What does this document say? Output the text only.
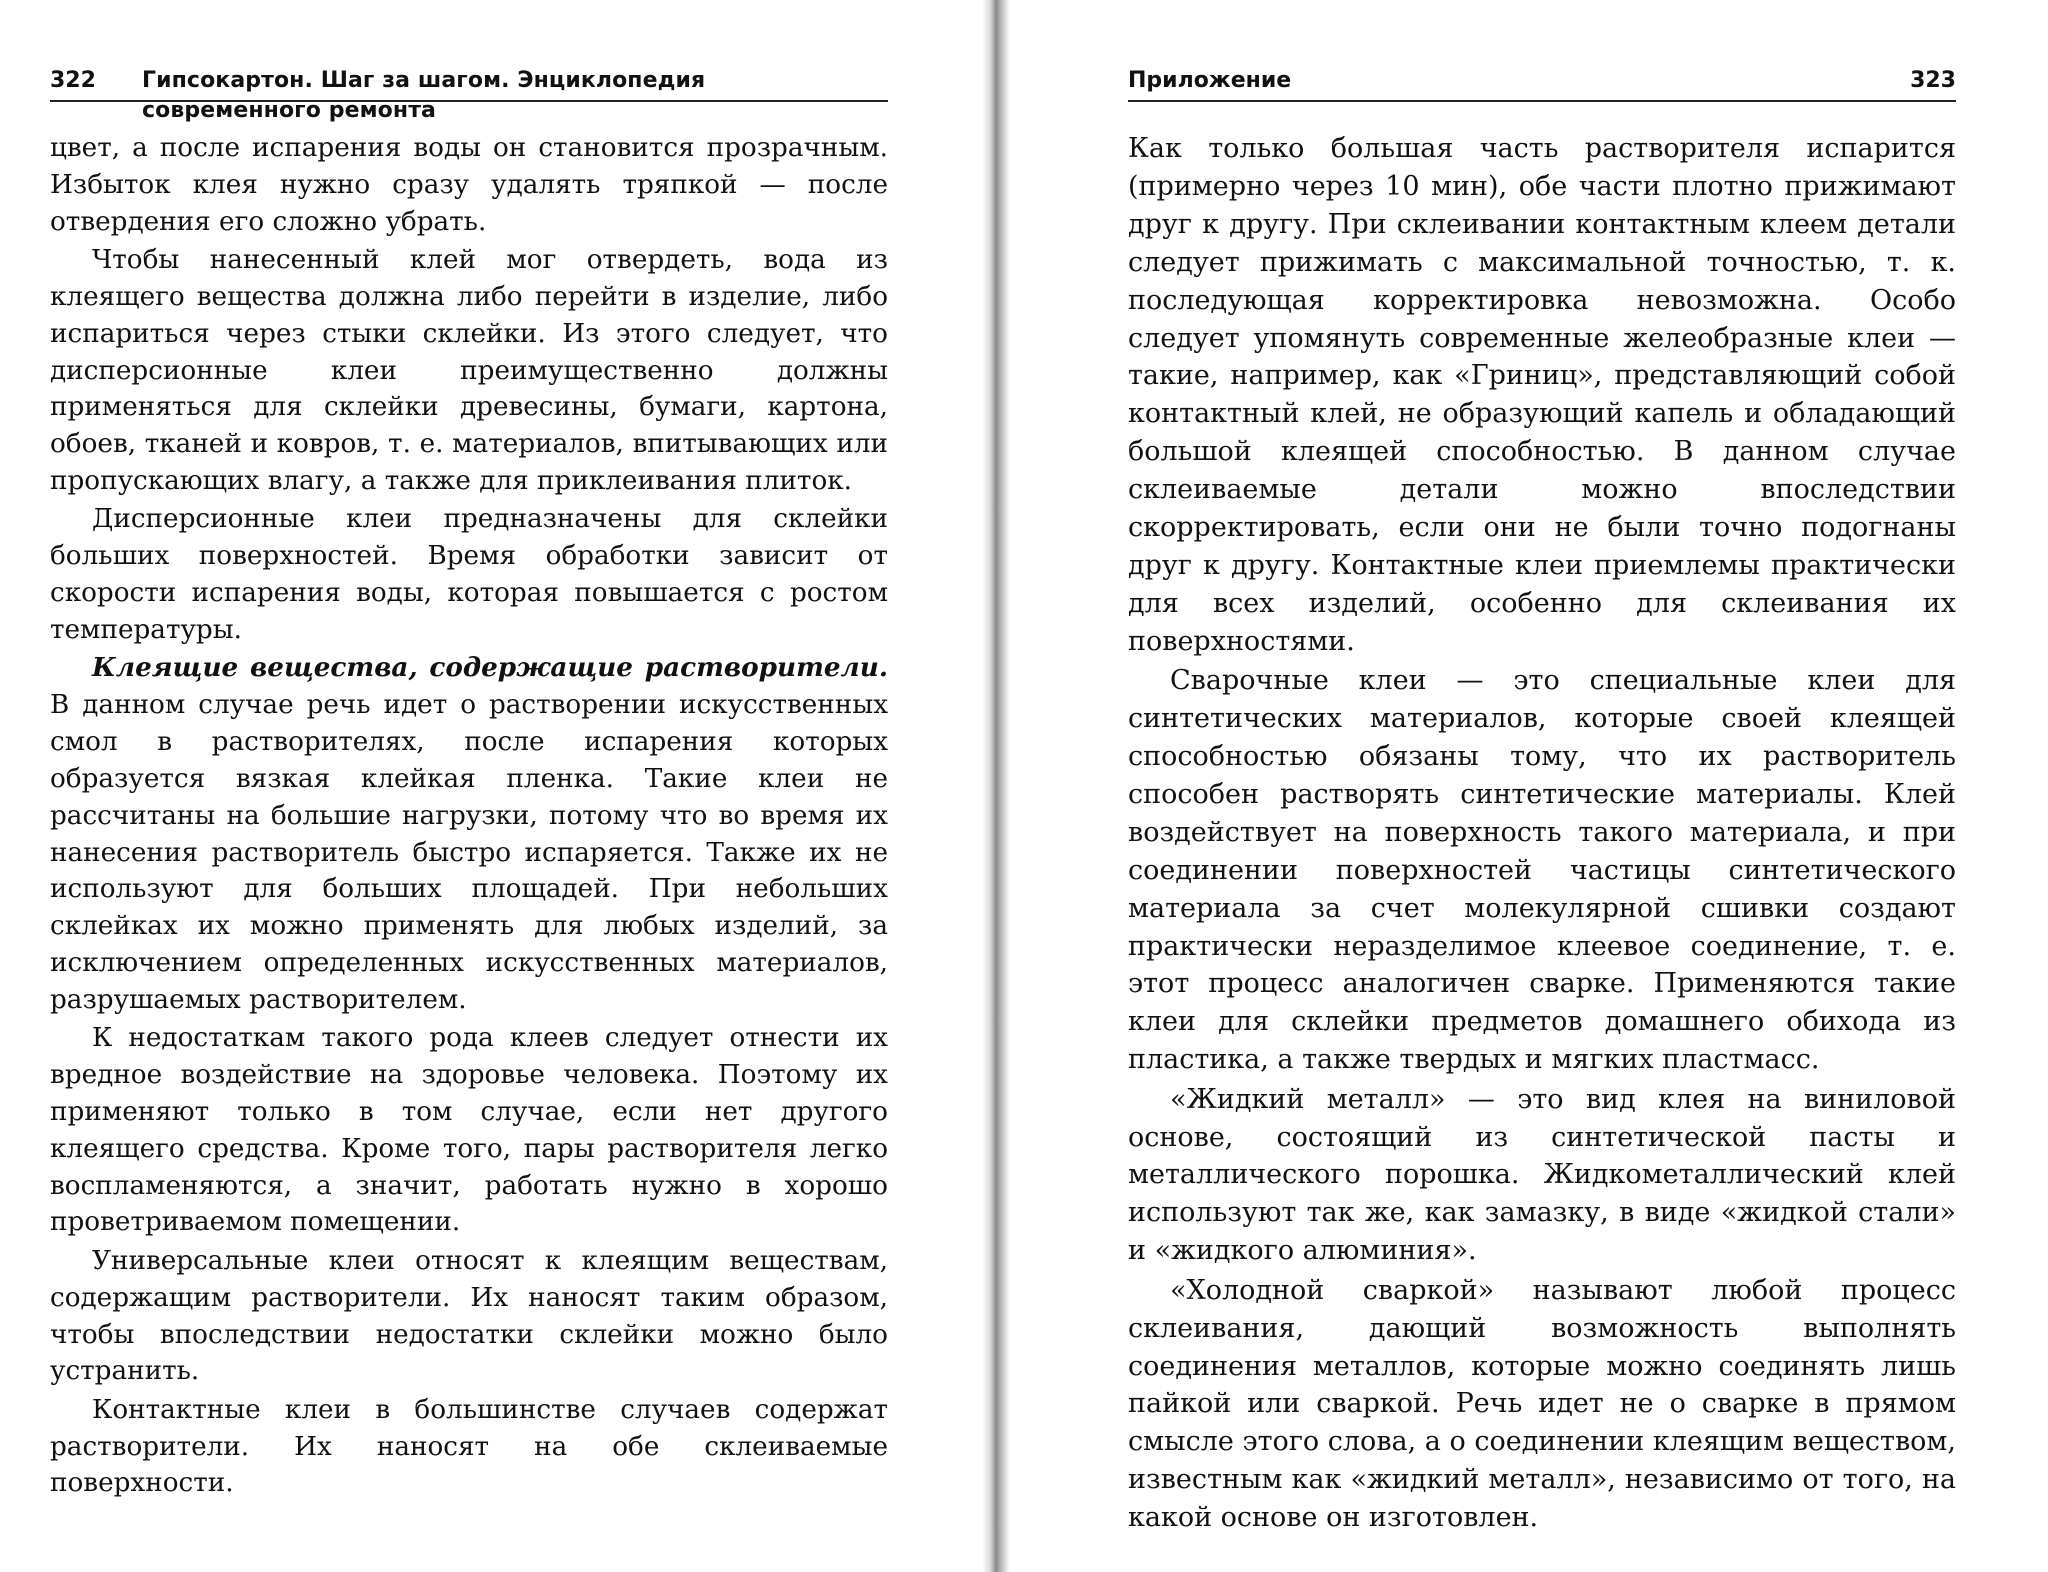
322 Гипсокартон. Шаг за шагом. Энциклопедия современного ремонта

цвет, а после испарения воды он становится прозрачным. Избыток клея нужно сразу удалять тряпкой — после отвердения его сложно убрать.

Чтобы нанесенный клей мог отвердеть, вода из клеящего вещества должна либо перейти в изделие, либо испариться через стыки склейки. Из этого следует, что дисперсионные клеи преимущественно должны применяться для склейки древесины, бумаги, картона, обоев, тканей и ковров, т. е. материалов, впитывающих или пропускающих влагу, а также для приклеивания плиток.

Дисперсионные клеи предназначены для склейки больших поверхностей. Время обработки зависит от скорости испарения воды, которая повышается с ростом температуры.

Клеящие вещества, содержащие растворители. В данном случае речь идет о растворении искусственных смол в растворителях, после испарения которых образуется вязкая клейкая пленка. Такие клеи не рассчитаны на большие нагрузки, потому что во время их нанесения растворитель быстро испаряется. Также их не используют для больших площадей. При небольших склейках их можно применять для любых изделий, за исключением определенных искусственных материалов, разрушаемых растворителем.

К недостаткам такого рода клеев следует отнести их вредное воздействие на здоровье человека. Поэтому их применяют только в том случае, если нет другого клеящего средства. Кроме того, пары растворителя легко воспламеняются, а значит, работать нужно в хорошо проветриваемом помещении.

Универсальные клеи относят к клеящим веществам, содержащим растворители. Их наносят таким образом, чтобы впоследствии недостатки склейки можно было устранить.

Контактные клеи в большинстве случаев содержат растворители. Их наносят на обе склеиваемые поверхности.

Приложение	323

Как только большая часть растворителя испарится (примерно через 10 мин), обе части плотно прижимают друг к другу. При склеивании контактным клеем детали следует прижимать с максимальной точностью, т. к. последующая корректировка невозможна. Особо следует упомянуть современные желеобразные клеи — такие, например, как «Гриниц», представляющий собой контактный клей, не образующий капель и обладающий большой клеящей способностью. В данном случае склеиваемые детали можно впоследствии скорректировать, если они не были точно подогнаны друг к другу. Контактные клеи приемлемы практически для всех изделий, особенно для склеивания их поверхностями.

Сварочные клеи — это специальные клеи для синтетических материалов, которые своей клеящей способностью обязаны тому, что их растворитель способен растворять синтетические материалы. Клей воздействует на поверхность такого материала, и при соединении поверхностей частицы синтетического материала за счет молекулярной сшивки создают практически неразделимое клеевое соединение, т. е. этот процесс аналогичен сварке. Применяются такие клеи для склейки предметов домашнего обихода из пластика, а также твердых и мягких пластмасс.

«Жидкий металл» — это вид клея на виниловой основе, состоящий из синтетической пасты и металлического порошка. Жидкометаллический клей используют так же, как замазку, в виде «жидкой стали» и «жидкого алюминия».

«Холодной сваркой» называют любой процесс склеивания, дающий возможность выполнять соединения металлов, которые можно соединять лишь пайкой или сваркой. Речь идет не о сварке в прямом смысле этого слова, а о соединении клеящим веществом, известным как «жидкий металл», независимо от того, на какой основе он изготовлен.
